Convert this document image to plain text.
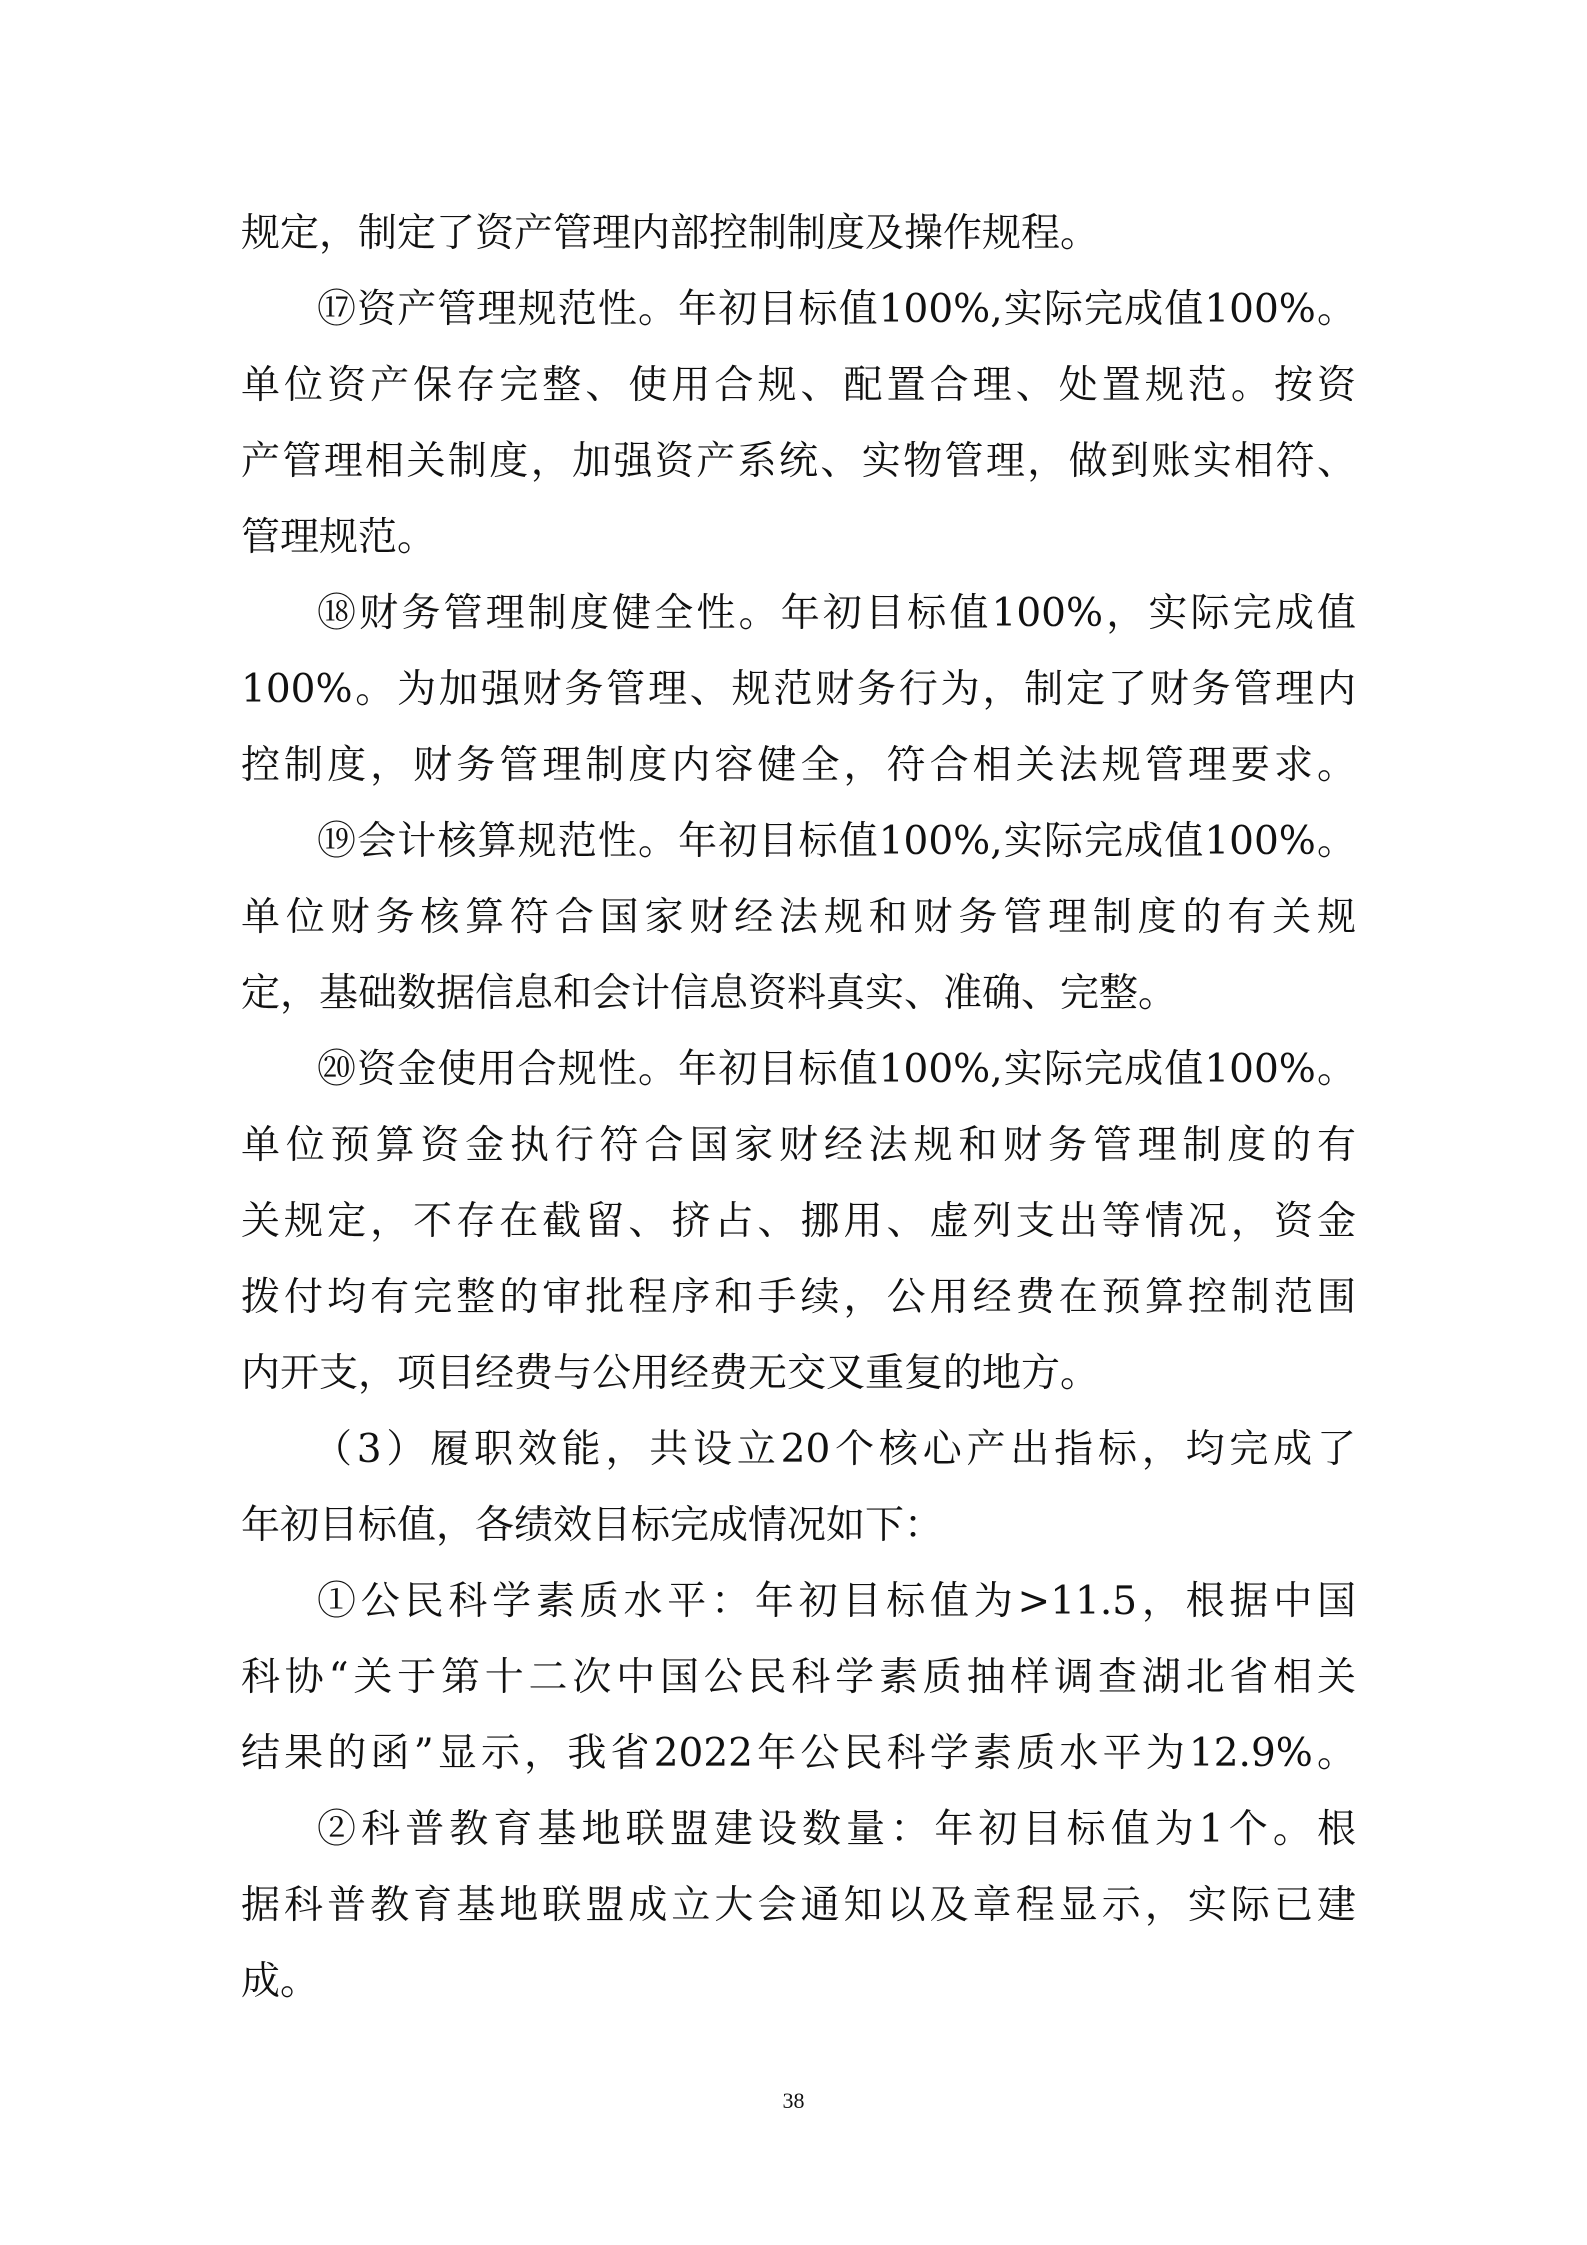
规定，制定了资产管理内部控制制度及操作规程。
⑰资产管理规范性。年初目标值100%,实际完成值100%。
单位资产保存完整、使用合规、配置合理、处置规范。按资
产管理相关制度，加强资产系统、实物管理，做到账实相符、
管理规范。
⑱财务管理制度健全性。年初目标值100%，实际完成值
100%。为加强财务管理、规范财务行为，制定了财务管理内
控制度，财务管理制度内容健全，符合相关法规管理要求。
⑲会计核算规范性。年初目标值100%,实际完成值100%。
单位财务核算符合国家财经法规和财务管理制度的有关规
定，基础数据信息和会计信息资料真实、准确、完整。
⑳资金使用合规性。年初目标值100%,实际完成值100%。
单位预算资金执行符合国家财经法规和财务管理制度的有
关规定，不存在截留、挤占、挪用、虚列支出等情况，资金
拨付均有完整的审批程序和手续，公用经费在预算控制范围
内开支，项目经费与公用经费无交叉重复的地方。
（3）履职效能，共设立20个核心产出指标，均完成了
年初目标值，各绩效目标完成情况如下：
①公民科学素质水平：年初目标值为>11.5，根据中国
科协“关于第十二次中国公民科学素质抽样调查湖北省相关
结果的函”显示，我省2022年公民科学素质水平为12.9%。
②科普教育基地联盟建设数量：年初目标值为1个。根
据科普教育基地联盟成立大会通知以及章程显示，实际已建
成。
38
